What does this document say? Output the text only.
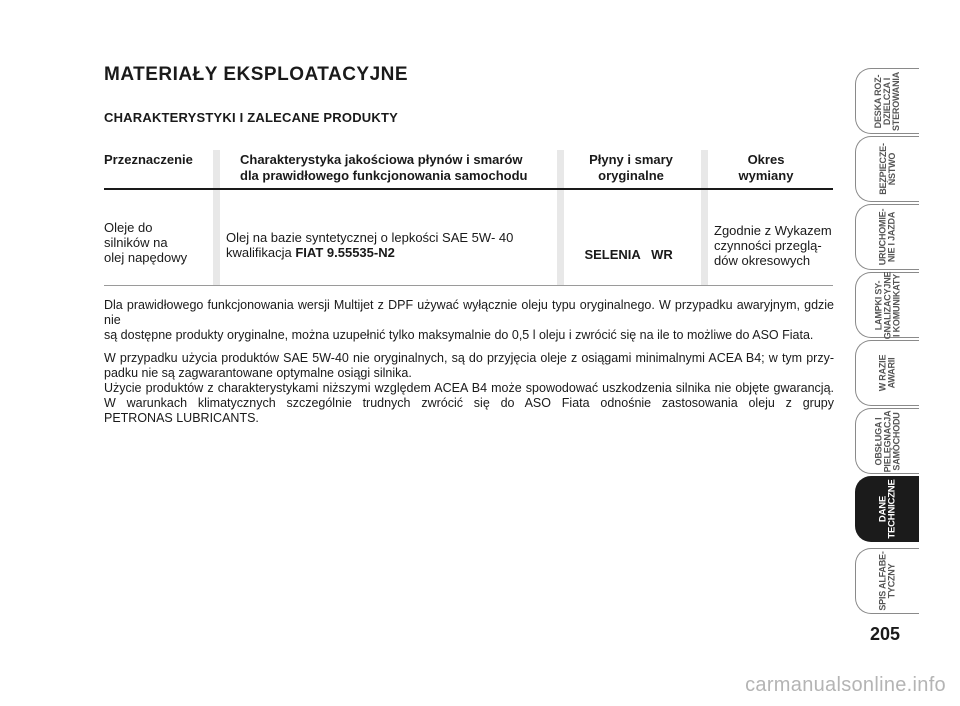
MATERIAŁY EKSPLOATACYJNE
CHARAKTERYSTYKI I ZALECANE PRODUKTY
Przeznaczenie	Charakterystyka jakościowa płynów i smarów
dla prawidłowego funkcjonowania samochodu
Płyny i smary
oryginalne
Okres
wymiany
Oleje do
silników na
olej napędowy
Olej na bazie syntetycznej o lepkości SAE 5W- 40
kwalifikacja FIAT 9.55535-N2	SELENIA   WR

Zgodnie z Wykazem
czynności przeglą-
dów okresowych

Dla prawidłowego funkcjonowania wersji Multijet z DPF używać wyłącznie oleju typu oryginalnego. W przypadku awaryjnym, gdzie nie
są dostępne produkty oryginalne, można uzupełnić tylko maksymalnie do 0,5 l oleju i zwrócić się na ile to możliwe do ASO Fiata.

W przypadku użycia produktów SAE 5W-40 nie oryginalnych, są do przyjęcia oleje z osiągami minimalnymi ACEA B4; w tym przy-
padku nie są zagwarantowane optymalne osiągi silnika.
Użycie produktów z charakterystykami niższymi względem ACEA B4 może spowodować uszkodzenia silnika nie objęte gwarancją.
W warunkach klimatycznych szczególnie trudnych zwrócić się do ASO Fiata odnośnie zastosowania oleju z grupy
PETRONAS LUBRICANTS.

DESKA ROZ-
DZIELCZA I
STEROWANIA
BEZPIECZE-
ŃSTWO
URUCHOMIE-
NIE I JAZDA
LAMPKI SY-
GNALIZACYJNE
I KOMUNIKATY
W RAZIE
AWARII
OBSŁUGA I
PIELĘGNACJA
SAMOCHODU
DANE
TECHNICZNE
SPIS ALFABE-
TYCZNY
205
carmanualsonline.info
